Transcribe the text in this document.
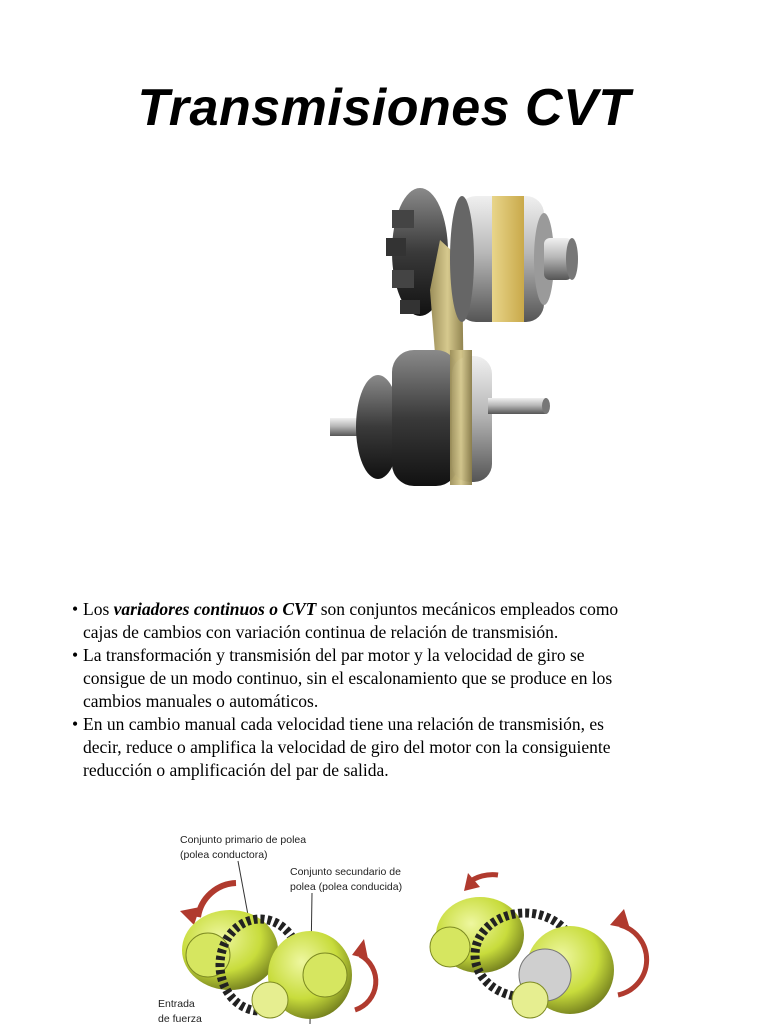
Transmisiones CVT

• Los variadores continuos o CVT son conjuntos mecánicos empleados como
cajas de cambios con variación continua de relación de transmisión.

• La transformación y transmisión del par motor y la velocidad de giro se
consigue de un modo continuo, sin el escalonamiento que se produce en los
cambios manuales o automáticos.

• En un cambio manual cada velocidad tiene una relación de transmisión, es
decir, reduce o amplifica la velocidad de giro del motor con la consiguiente
reducción o amplificación del par de salida.

Conjunto primario de polea
(polea conductora)
Conjunto secundario de
polea (polea conducida)
Entrada
de fuerza
